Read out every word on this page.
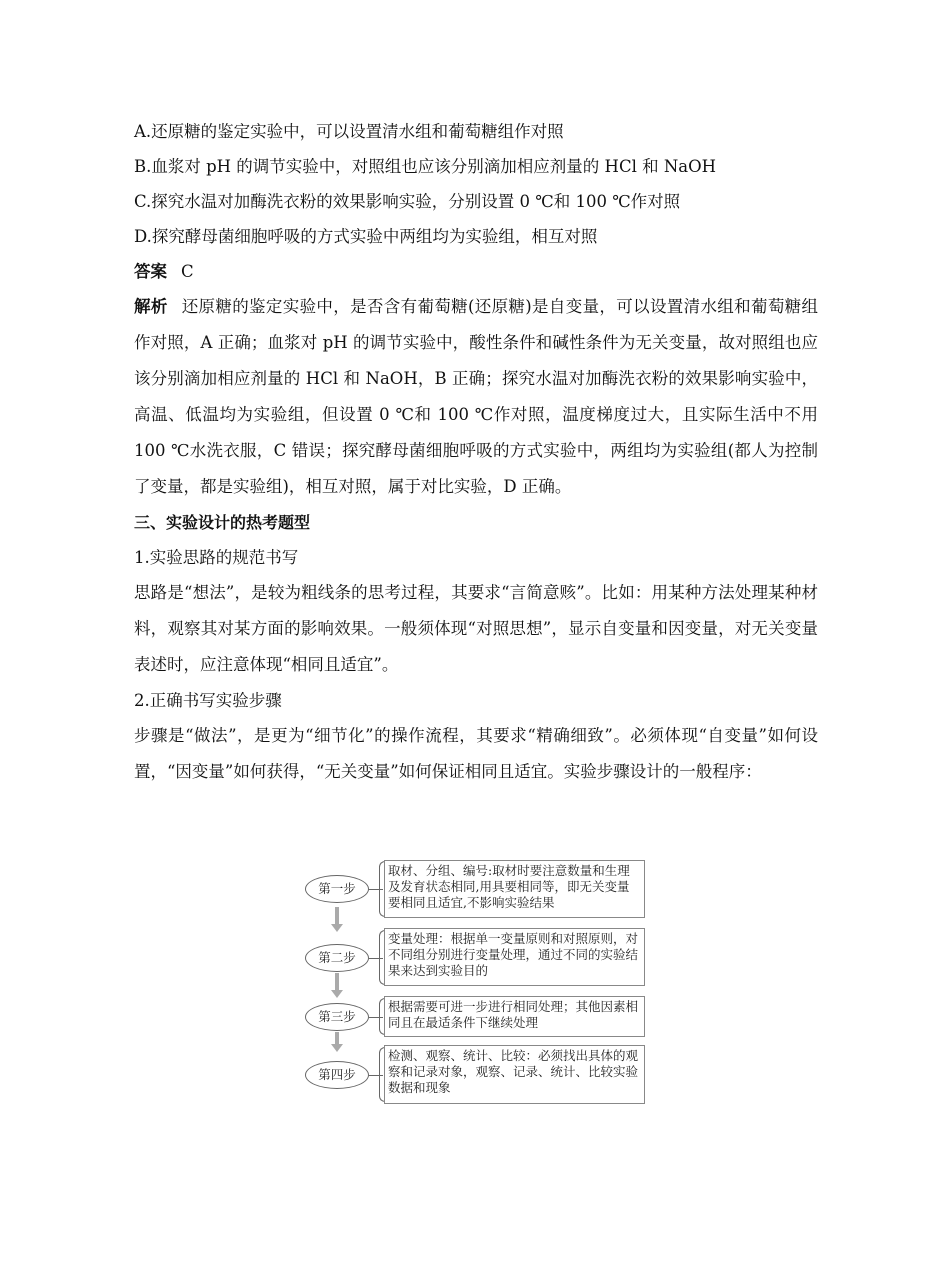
A.还原糖的鉴定实验中，可以设置清水组和葡萄糖组作对照
B.血浆对 pH 的调节实验中，对照组也应该分别滴加相应剂量的 HCl 和 NaOH
C.探究水温对加酶洗衣粉的效果影响实验，分别设置 0 ℃和 100 ℃作对照
D.探究酵母菌细胞呼吸的方式实验中两组均为实验组，相互对照
答案 C
解析 还原糖的鉴定实验中，是否含有葡萄糖(还原糖)是自变量，可以设置清水组和葡萄糖组作对照，A 正确；血浆对 pH 的调节实验中，酸性条件和碱性条件为无关变量，故对照组也应该分别滴加相应剂量的 HCl 和 NaOH，B 正确；探究水温对加酶洗衣粉的效果影响实验中，高温、低温均为实验组，但设置 0 ℃和 100 ℃作对照，温度梯度过大，且实际生活中不用 100 ℃水洗衣服，C 错误；探究酵母菌细胞呼吸的方式实验中，两组均为实验组(都人为控制了变量，都是实验组)，相互对照，属于对比实验，D 正确。
三、实验设计的热考题型
1.实验思路的规范书写
思路是“想法”，是较为粗线条的思考过程，其要求“言简意赅”。比如：用某种方法处理某种材料，观察其对某方面的影响效果。一般须体现“对照思想”，显示自变量和因变量，对无关变量表述时，应注意体现“相同且适宜”。
2.正确书写实验步骤
步骤是“做法”，是更为“细节化”的操作流程，其要求“精确细致”。必须体现“自变量”如何设置，“因变量”如何获得，“无关变量”如何保证相同且适宜。实验步骤设计的一般程序：
第一步
取材、分组、编号:取材时要注意数量和生理及发育状态相同,用具要相同等，即无关变量要相同且适宜,不影响实验结果
第二步
变量处理：根据单一变量原则和对照原则，对不同组分别进行变量处理，通过不同的实验结果来达到实验目的
第三步
根据需要可进一步进行相同处理；其他因素相同且在最适条件下继续处理
第四步
检测、观察、统计、比较：必须找出具体的观察和记录对象，观察、记录、统计、比较实验数据和现象
